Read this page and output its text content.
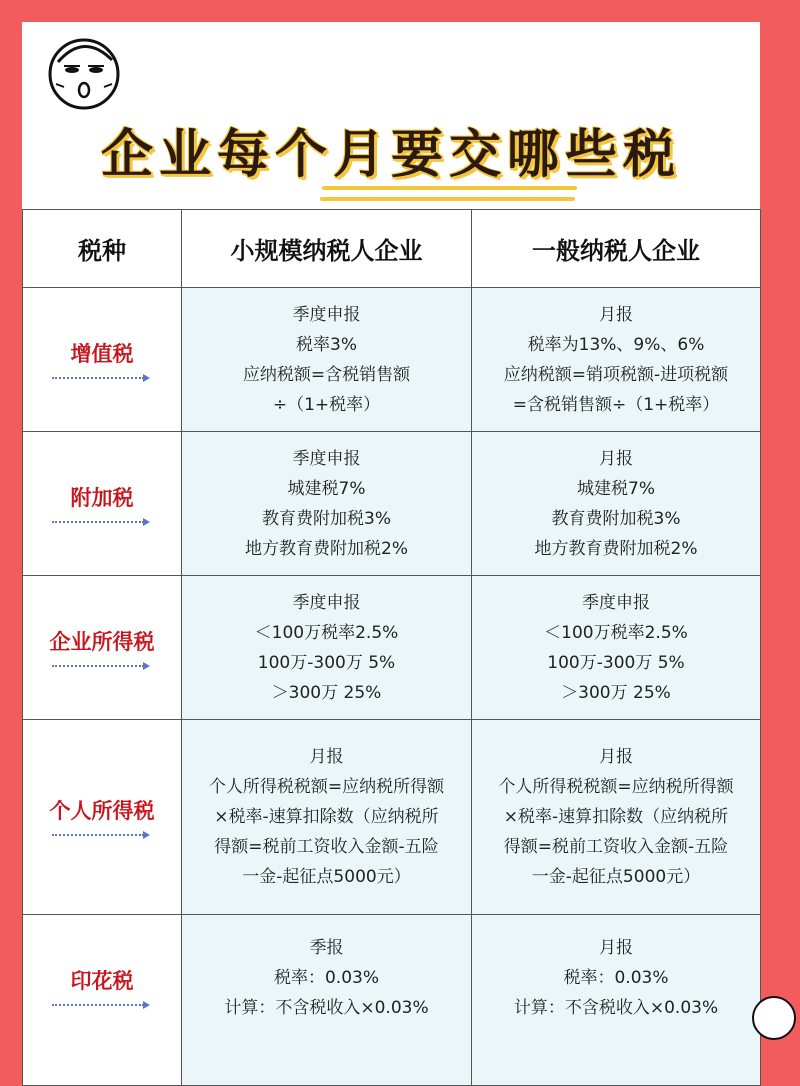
企业每个月要交哪些税
税种	小规模纳税人企业	一般纳税人企业

增值税	季度申报
税率3%
应纳税额=含税销售额
÷（1+税率）	月报
税率为13%、9%、6%
应纳税额=销项税额-进项税额
=含税销售额÷（1+税率）

附加税	季度申报
城建税7%
教育费附加税3%
地方教育费附加税2%	月报
城建税7%
教育费附加税3%
地方教育费附加税2%

企业所得税	季度申报
＜100万税率2.5%
100万-300万 5%
＞300万 25%	季度申报
＜100万税率2.5%
100万-300万 5%
＞300万 25%

个人所得税	月报
个人所得税税额=应纳税所得额
×税率-速算扣除数（应纳税所
得额=税前工资收入金额-五险
一金-起征点5000元）	月报
个人所得税税额=应纳税所得额
×税率-速算扣除数（应纳税所
得额=税前工资收入金额-五险
一金-起征点5000元）

印花税	季报
税率：0.03%
计算：不含税收入×0.03%	月报
税率：0.03%
计算：不含税收入×0.03%
